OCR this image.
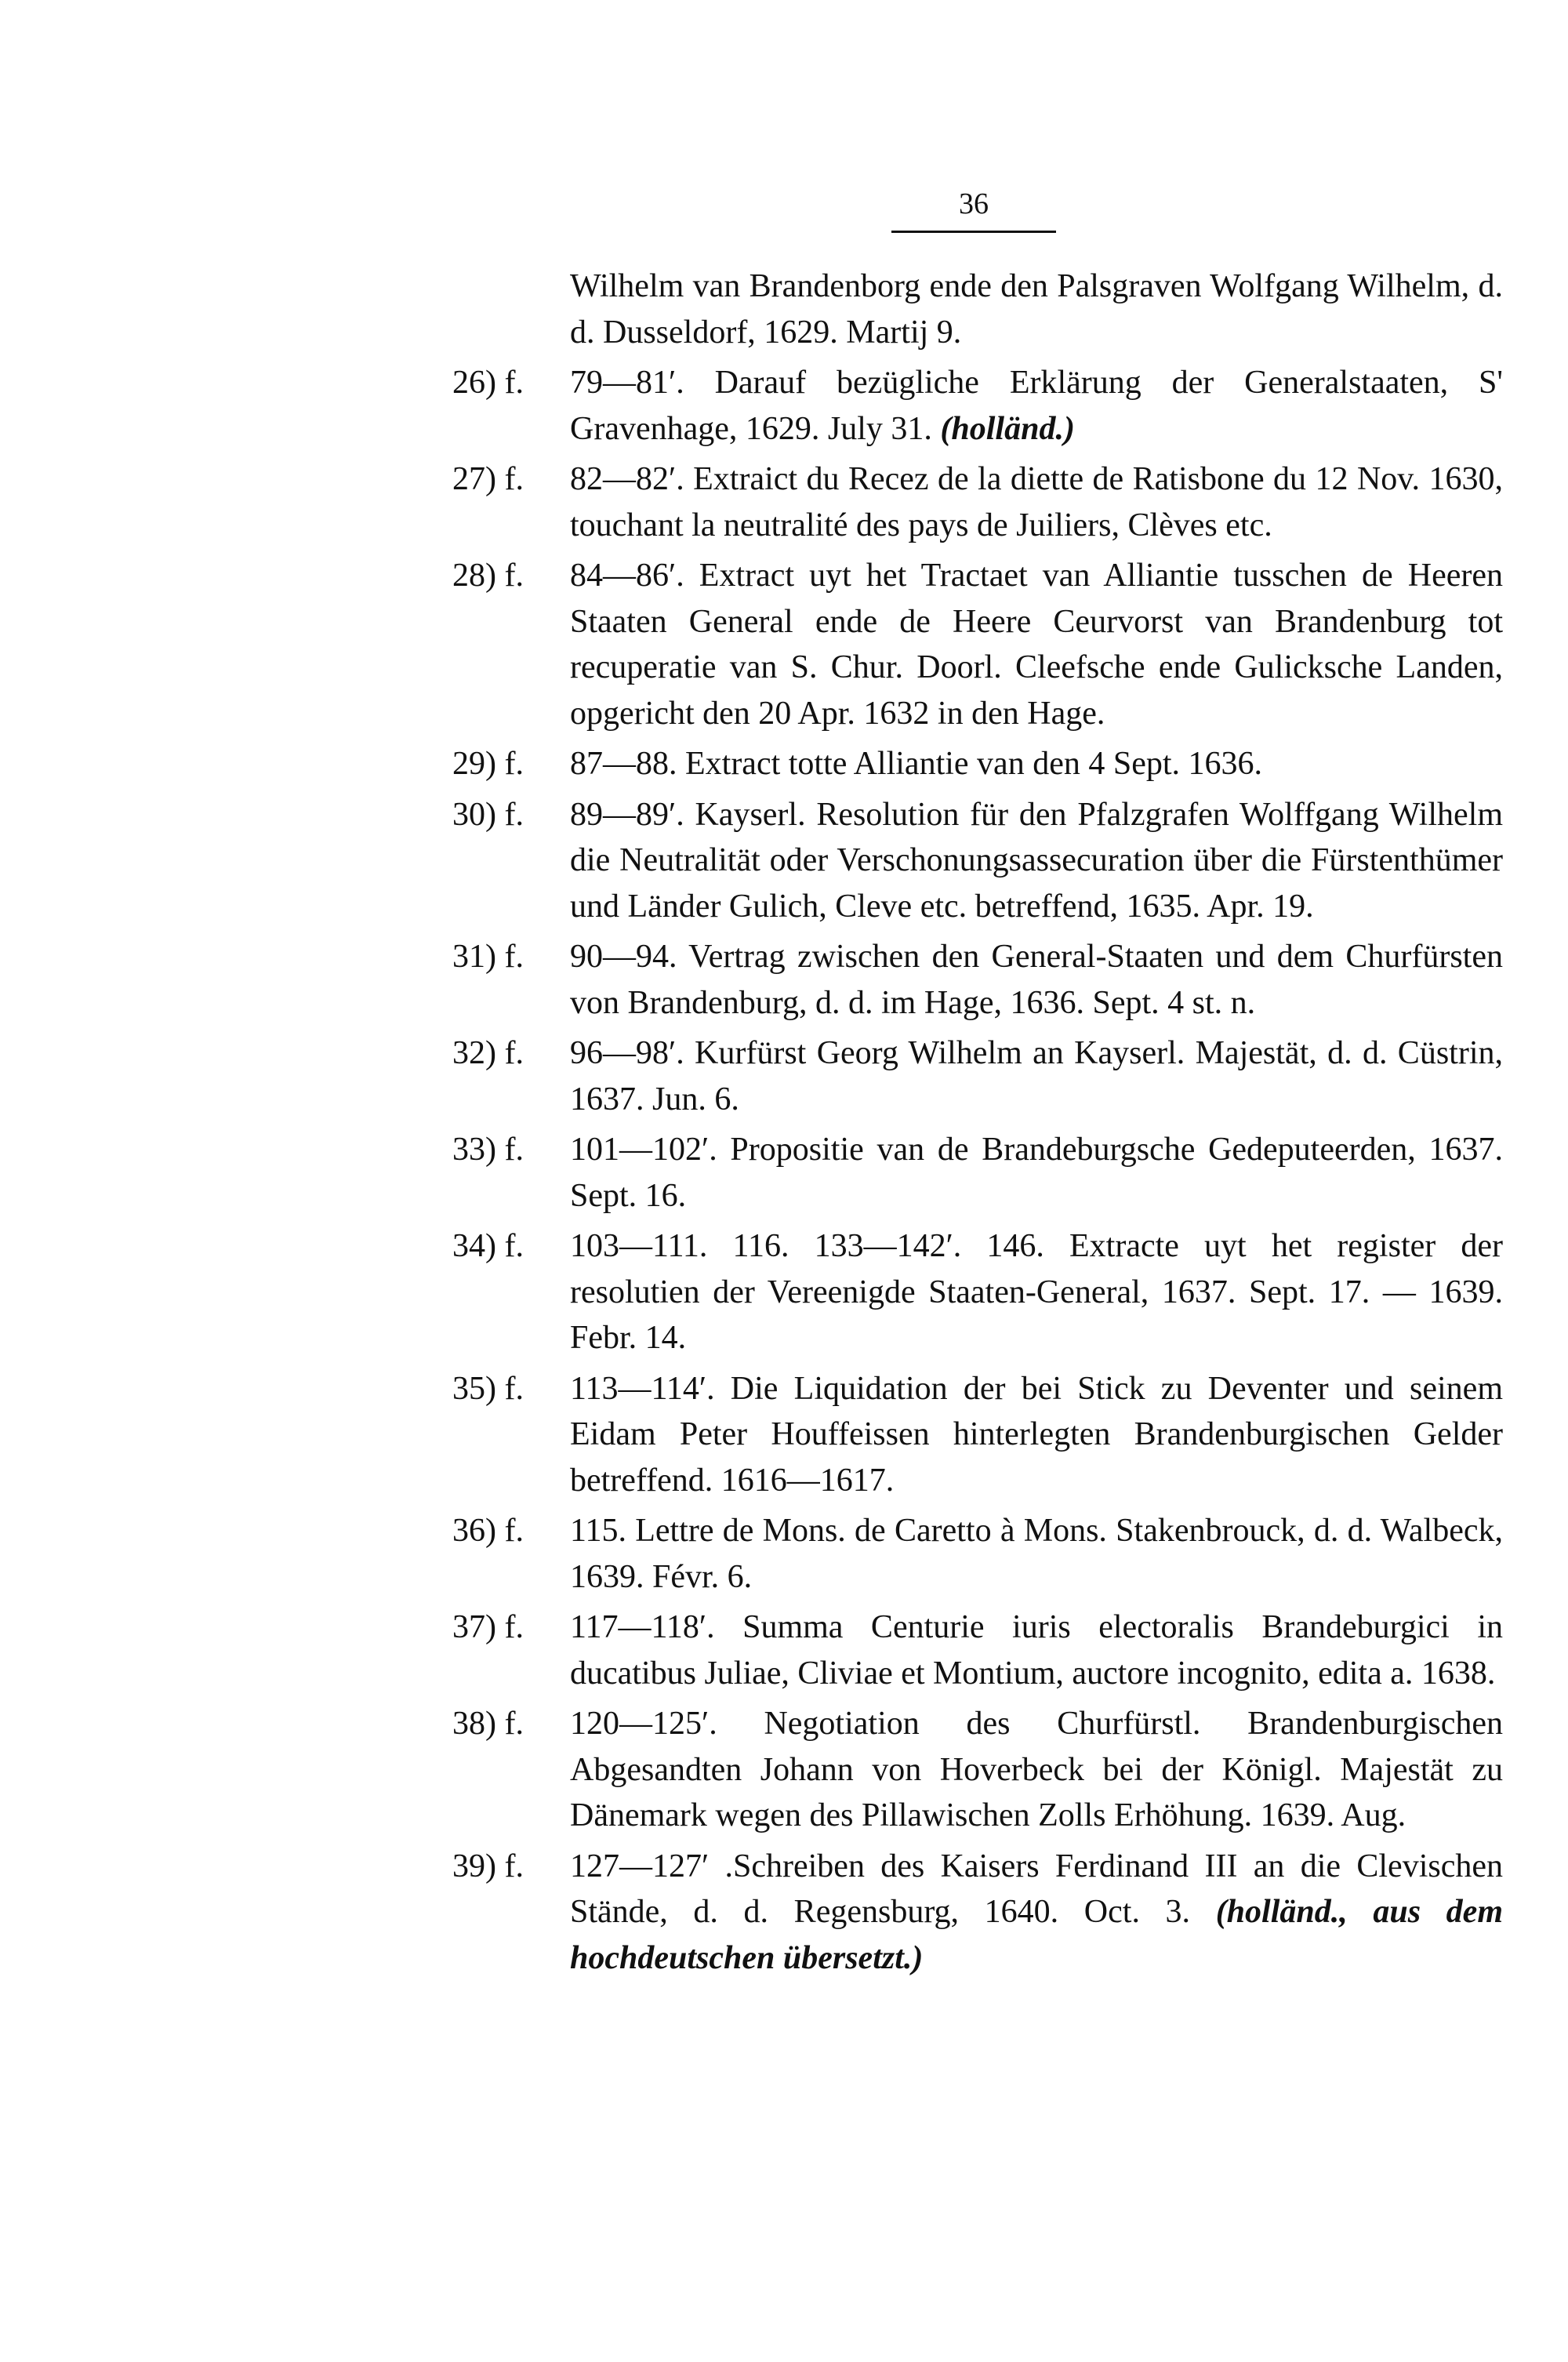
36
Wilhelm van Brandenborg ende den Palsgraven Wolfgang Wilhelm, d. d. Dusseldorf, 1629. Martij 9.
26) f. 79—81′. Darauf bezügliche Erklärung der Generalstaaten, S' Gravenhage, 1629. July 31. (holländ.)
27) f. 82—82′. Extraict du Recez de la diette de Ratisbone du 12 Nov. 1630, touchant la neutralité des pays de Juiliers, Clèves etc.
28) f. 84—86′. Extract uyt het Tractaet van Alliantie tusschen de Heeren Staaten General ende de Heere Ceurvorst van Brandenburg tot recuperatie van S. Chur. Doorl. Cleefsche ende Gulicksche Landen, opgericht den 20 Apr. 1632 in den Hage.
29) f. 87—88. Extract totte Alliantie van den 4 Sept. 1636.
30) f. 89—89′. Kayserl. Resolution für den Pfalzgrafen Wolffgang Wilhelm die Neutralität oder Verschonungsassecuration über die Fürstenthümer und Länder Gulich, Cleve etc. betreffend, 1635. Apr. 19.
31) f. 90—94. Vertrag zwischen den General-Staaten und dem Churfürsten von Brandenburg, d. d. im Hage, 1636. Sept. 4 st. n.
32) f. 96—98′. Kurfürst Georg Wilhelm an Kayserl. Majestät, d. d. Cüstrin, 1637. Jun. 6.
33) f. 101—102′. Propositie van de Brandeburgsche Gedeputeerden, 1637. Sept. 16.
34) f. 103—111. 116. 133—142′. 146. Extracte uyt het register der resolutien der Vereenigde Staaten-General, 1637. Sept. 17. — 1639. Febr. 14.
35) f. 113—114′. Die Liquidation der bei Stick zu Deventer und seinem Eidam Peter Houffeissen hinterlegten Brandenburgischen Gelder betreffend. 1616—1617.
36) f. 115. Lettre de Mons. de Caretto à Mons. Stakenbrouck, d. d. Walbeck, 1639. Févr. 6.
37) f. 117—118′. Summa Centurie iuris electoralis Brandeburgici in ducatibus Juliae, Cliviae et Montium, auctore incognito, edita a. 1638.
38) f. 120—125′. Negotiation des Churfürstl. Brandenburgischen Abgesandten Johann von Hoverbeck bei der Königl. Majestät zu Dänemark wegen des Pillawischen Zolls Erhöhung. 1639. Aug.
39) f. 127—127′ .Schreiben des Kaisers Ferdinand III an die Clevischen Stände, d. d. Regensburg, 1640. Oct. 3. (holländ., aus dem hochdeutschen übersetzt.)
